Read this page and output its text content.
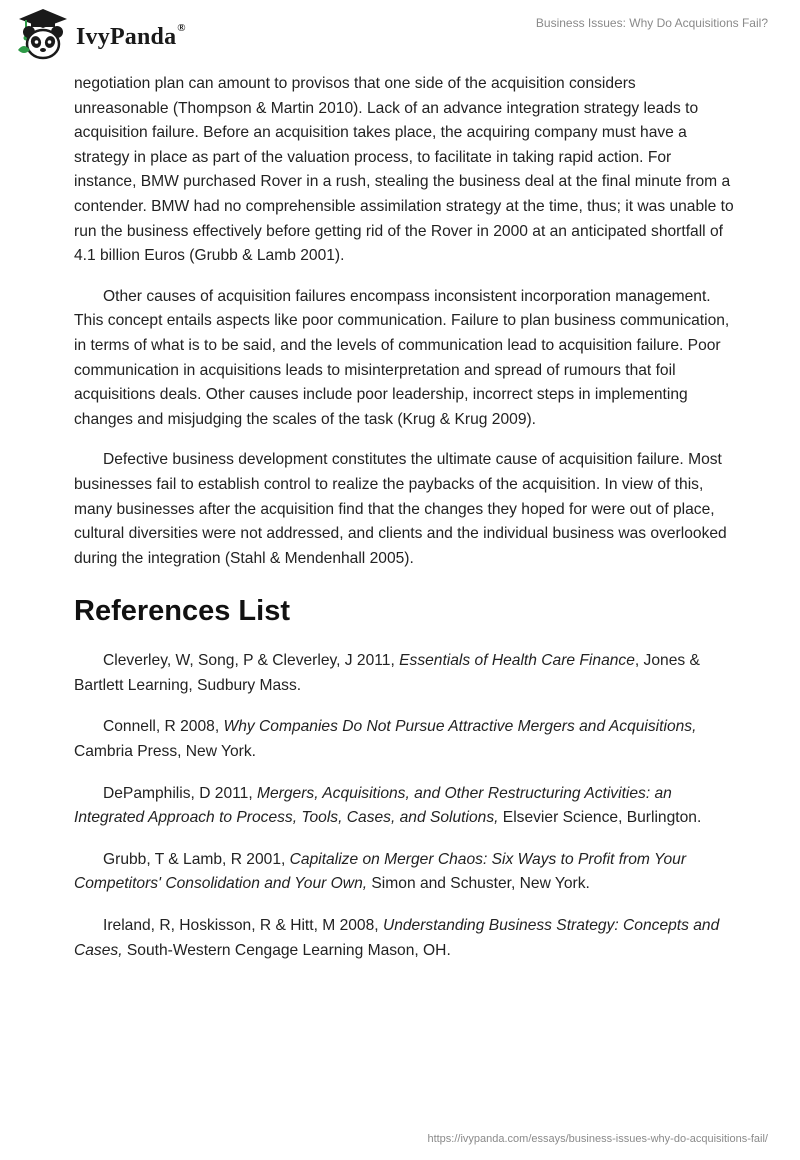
IvyPanda®	Business Issues: Why Do Acquisitions Fail?

negotiation plan can amount to provisos that one side of the acquisition considers unreasonable (Thompson & Martin 2010). Lack of an advance integration strategy leads to acquisition failure. Before an acquisition takes place, the acquiring company must have a strategy in place as part of the valuation process, to facilitate in taking rapid action. For instance, BMW purchased Rover in a rush, stealing the business deal at the final minute from a contender. BMW had no comprehensible assimilation strategy at the time, thus; it was unable to run the business effectively before getting rid of the Rover in 2000 at an anticipated shortfall of 4.1 billion Euros (Grubb & Lamb 2001).

Other causes of acquisition failures encompass inconsistent incorporation management. This concept entails aspects like poor communication. Failure to plan business communication, in terms of what is to be said, and the levels of communication lead to acquisition failure. Poor communication in acquisitions leads to misinterpretation and spread of rumours that foil acquisitions deals. Other causes include poor leadership, incorrect steps in implementing changes and misjudging the scales of the task (Krug & Krug 2009).

Defective business development constitutes the ultimate cause of acquisition failure. Most businesses fail to establish control to realize the paybacks of the acquisition. In view of this, many businesses after the acquisition find that the changes they hoped for were out of place, cultural diversities were not addressed, and clients and the individual business was overlooked during the integration (Stahl & Mendenhall 2005).

References List

Cleverley, W, Song, P & Cleverley, J 2011, Essentials of Health Care Finance, Jones & Bartlett Learning, Sudbury Mass.

Connell, R 2008, Why Companies Do Not Pursue Attractive Mergers and Acquisitions, Cambria Press, New York.

DePamphilis, D 2011, Mergers, Acquisitions, and Other Restructuring Activities: an Integrated Approach to Process, Tools, Cases, and Solutions, Elsevier Science, Burlington.

Grubb, T & Lamb, R 2001, Capitalize on Merger Chaos: Six Ways to Profit from Your Competitors' Consolidation and Your Own, Simon and Schuster, New York.

Ireland, R, Hoskisson, R & Hitt, M 2008, Understanding Business Strategy: Concepts and Cases, South-Western Cengage Learning Mason, OH.

https://ivypanda.com/essays/business-issues-why-do-acquisitions-fail/
